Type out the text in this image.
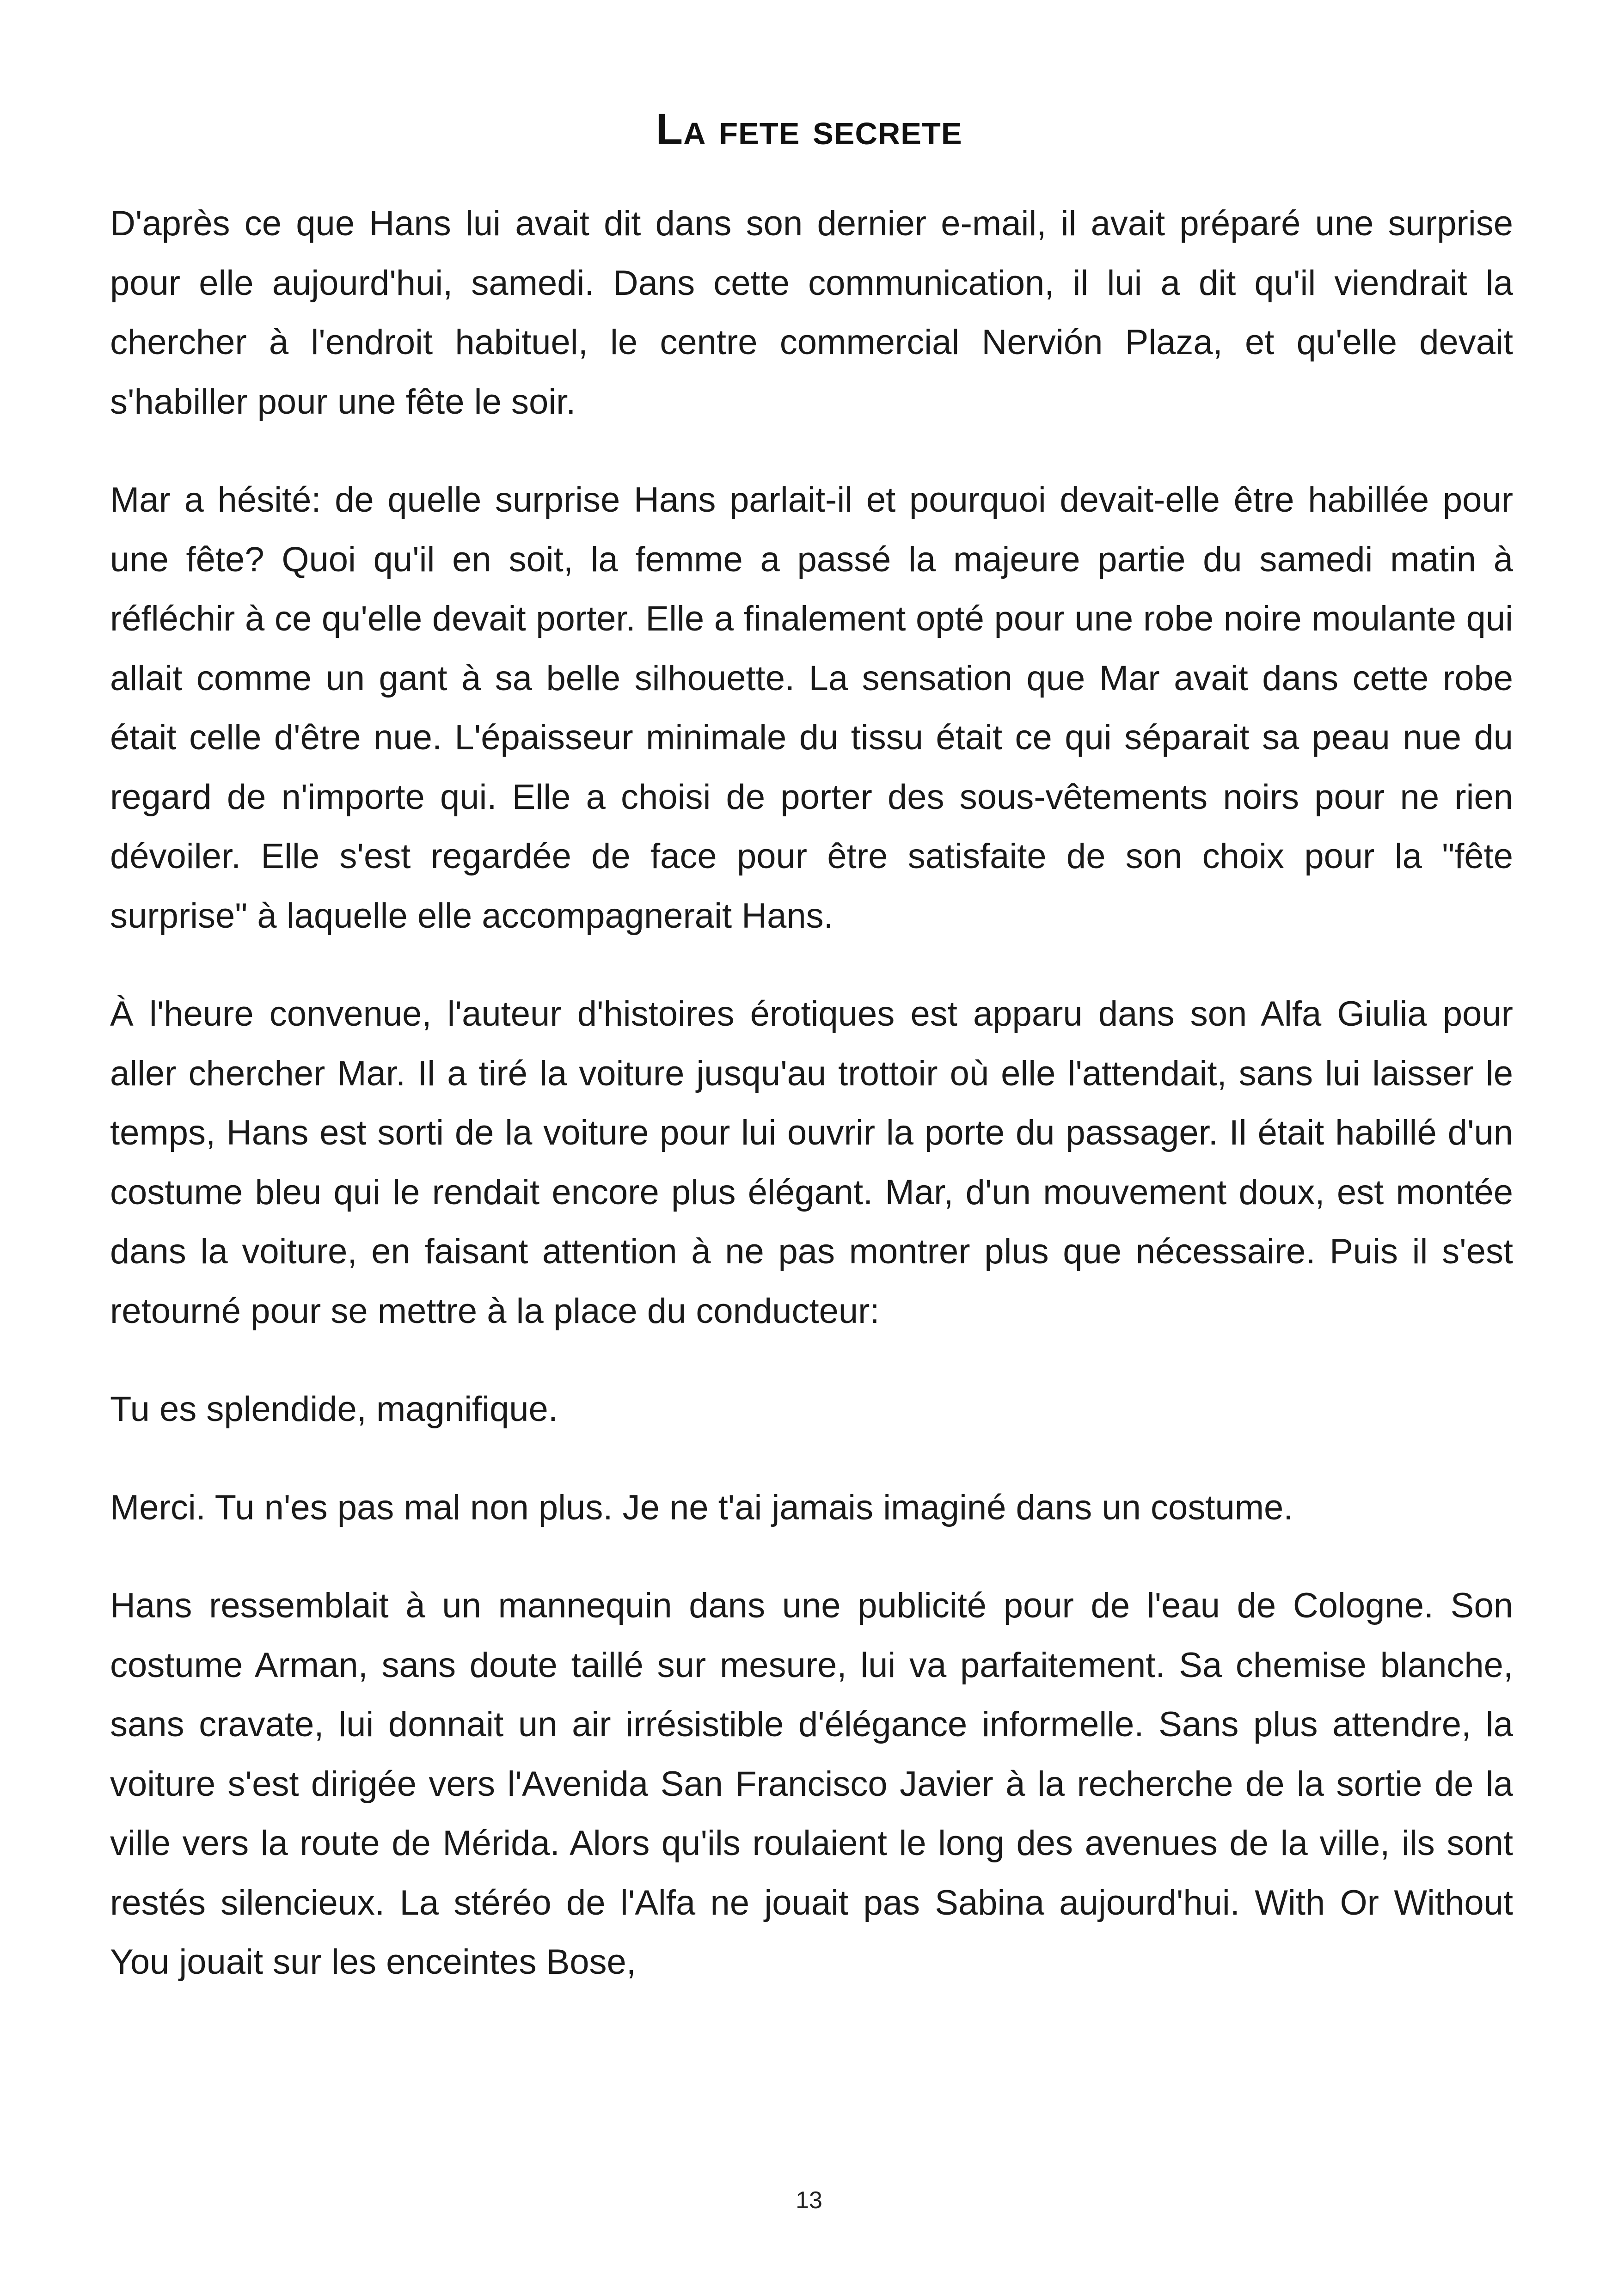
La fete secrete

D'après ce que Hans lui avait dit dans son dernier e-mail, il avait préparé une surprise pour elle aujourd'hui, samedi. Dans cette communication, il lui a dit qu'il viendrait la chercher à l'endroit habituel, le centre commercial Nervión Plaza, et qu'elle devait s'habiller pour une fête le soir.

Mar a hésité: de quelle surprise Hans parlait-il et pourquoi devait-elle être habillée pour une fête? Quoi qu'il en soit, la femme a passé la majeure partie du samedi matin à réfléchir à ce qu'elle devait porter. Elle a finalement opté pour une robe noire moulante qui allait comme un gant à sa belle silhouette. La sensation que Mar avait dans cette robe était celle d'être nue. L'épaisseur minimale du tissu était ce qui séparait sa peau nue du regard de n'importe qui. Elle a choisi de porter des sous-vêtements noirs pour ne rien dévoiler. Elle s'est regardée de face pour être satisfaite de son choix pour la "fête surprise" à laquelle elle accompagnerait Hans.

À l'heure convenue, l'auteur d'histoires érotiques est apparu dans son Alfa Giulia pour aller chercher Mar. Il a tiré la voiture jusqu'au trottoir où elle l'attendait, sans lui laisser le temps, Hans est sorti de la voiture pour lui ouvrir la porte du passager. Il était habillé d'un costume bleu qui le rendait encore plus élégant. Mar, d'un mouvement doux, est montée dans la voiture, en faisant attention à ne pas montrer plus que nécessaire. Puis il s'est retourné pour se mettre à la place du conducteur:

Tu es splendide, magnifique.

Merci. Tu n'es pas mal non plus. Je ne t'ai jamais imaginé dans un costume.

Hans ressemblait à un mannequin dans une publicité pour de l'eau de Cologne. Son costume Arman, sans doute taillé sur mesure, lui va parfaitement. Sa chemise blanche, sans cravate, lui donnait un air irrésistible d'élégance informelle. Sans plus attendre, la voiture s'est dirigée vers l'Avenida San Francisco Javier à la recherche de la sortie de la ville vers la route de Mérida. Alors qu'ils roulaient le long des avenues de la ville, ils sont restés silencieux. La stéréo de l'Alfa ne jouait pas Sabina aujourd'hui. With Or Without You jouait sur les enceintes Bose,

13
